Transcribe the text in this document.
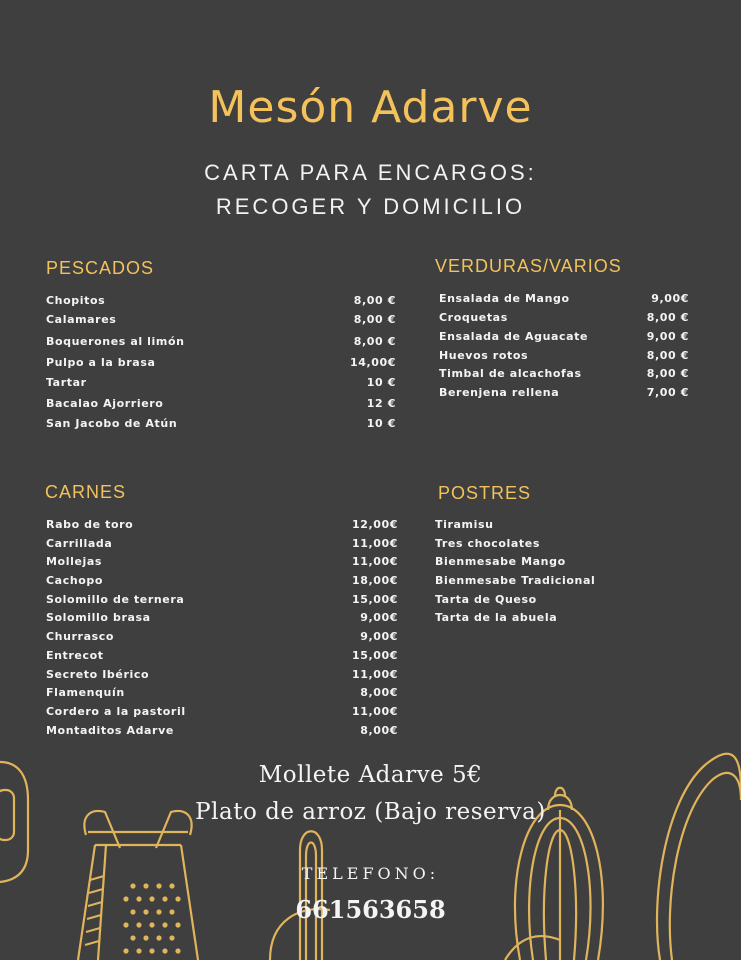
Mesón Adarve
CARTA PARA ENCARGOS:
RECOGER Y DOMICILIO
PESCADOS
Chopitos	8,00 €
Calamares	8,00 €
Boquerones al limón	8,00 €
Pulpo a la brasa	14,00€
Tartar	10 €
Bacalao Ajorriero	12 €
San Jacobo de Atún	10 €
VERDURAS/VARIOS
Ensalada de Mango	9,00€
Croquetas	8,00 €
Ensalada de Aguacate	9,00 €
Huevos rotos	8,00 €
Timbal de alcachofas	8,00 €
Berenjena rellena	7,00 €
CARNES
Rabo de toro	12,00€
Carrillada	11,00€
Mollejas	11,00€
Cachopo	18,00€
Solomillo de ternera	15,00€
Solomillo brasa	9,00€
Churrasco	9,00€
Entrecot	15,00€
Secreto Ibérico	11,00€
Flamenquín	8,00€
Cordero a la pastoril	11,00€
Montaditos Adarve	8,00€
POSTRES
Tiramisu
Tres chocolates
Bienmesabe Mango
Bienmesabe Tradicional
Tarta de Queso
Tarta de la abuela
Mollete Adarve 5€
Plato de arroz (Bajo reserva)
TELEFONO:
661563658
